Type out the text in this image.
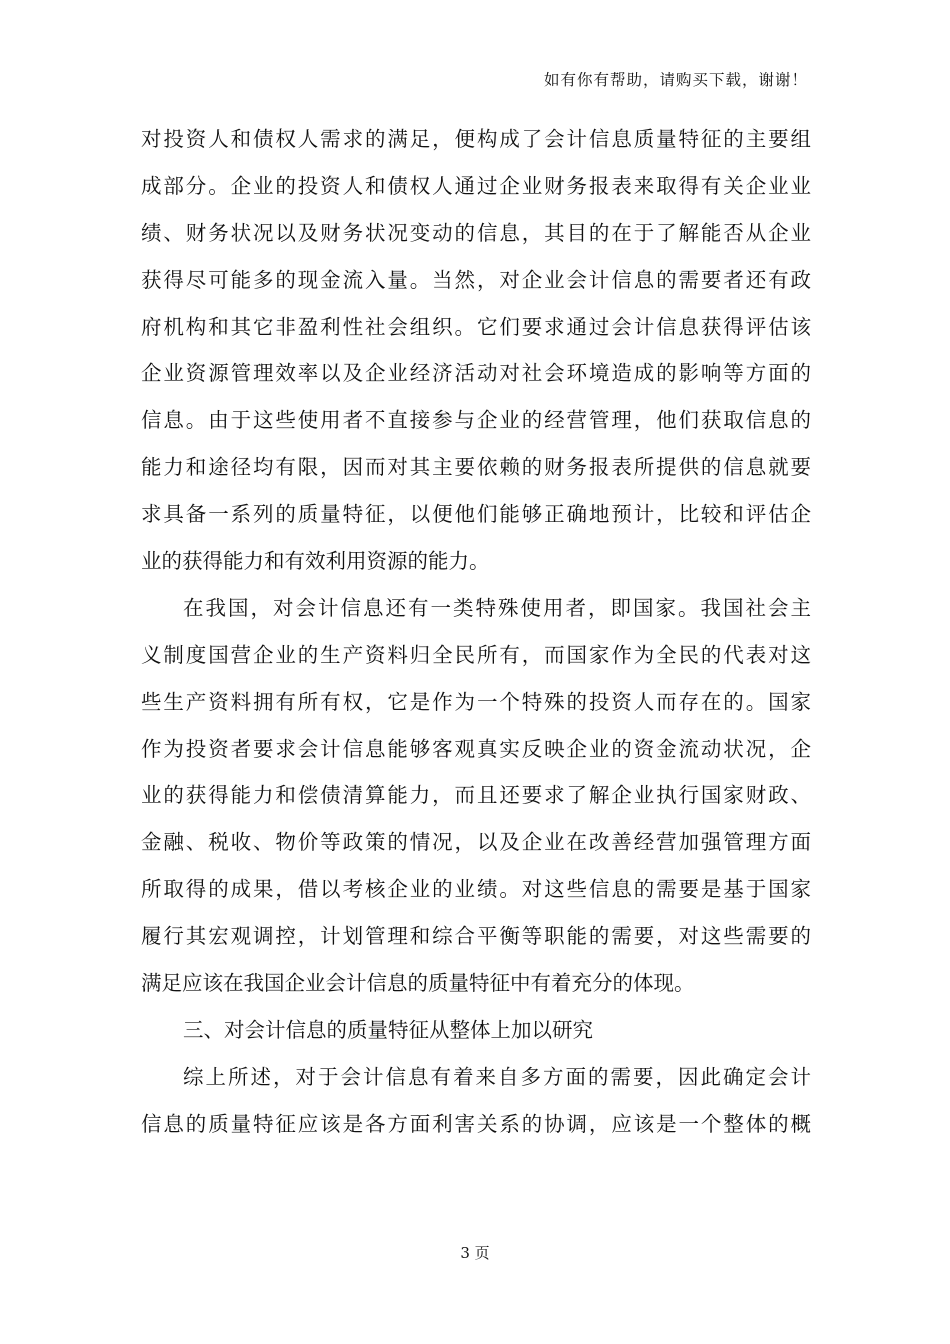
如有你有帮助，请购买下载，谢谢！
对投资人和债权人需求的满足，便构成了会计信息质量特征的主要组
成部分。企业的投资人和债权人通过企业财务报表来取得有关企业业
绩、财务状况以及财务状况变动的信息，其目的在于了解能否从企业
获得尽可能多的现金流入量。当然，对企业会计信息的需要者还有政
府机构和其它非盈利性社会组织。它们要求通过会计信息获得评估该
企业资源管理效率以及企业经济活动对社会环境造成的影响等方面的
信息。由于这些使用者不直接参与企业的经营管理，他们获取信息的
能力和途径均有限，因而对其主要依赖的财务报表所提供的信息就要
求具备一系列的质量特征，以便他们能够正确地预计，比较和评估企
业的获得能力和有效利用资源的能力。
在我国，对会计信息还有一类特殊使用者，即国家。我国社会主
义制度国营企业的生产资料归全民所有，而国家作为全民的代表对这
些生产资料拥有所有权，它是作为一个特殊的投资人而存在的。国家
作为投资者要求会计信息能够客观真实反映企业的资金流动状况，企
业的获得能力和偿债清算能力，而且还要求了解企业执行国家财政、
金融、税收、物价等政策的情况，以及企业在改善经营加强管理方面
所取得的成果，借以考核企业的业绩。对这些信息的需要是基于国家
履行其宏观调控，计划管理和综合平衡等职能的需要，对这些需要的
满足应该在我国企业会计信息的质量特征中有着充分的体现。
三、对会计信息的质量特征从整体上加以研究
综上所述，对于会计信息有着来自多方面的需要，因此确定会计
信息的质量特征应该是各方面利害关系的协调，应该是一个整体的概
3 页
